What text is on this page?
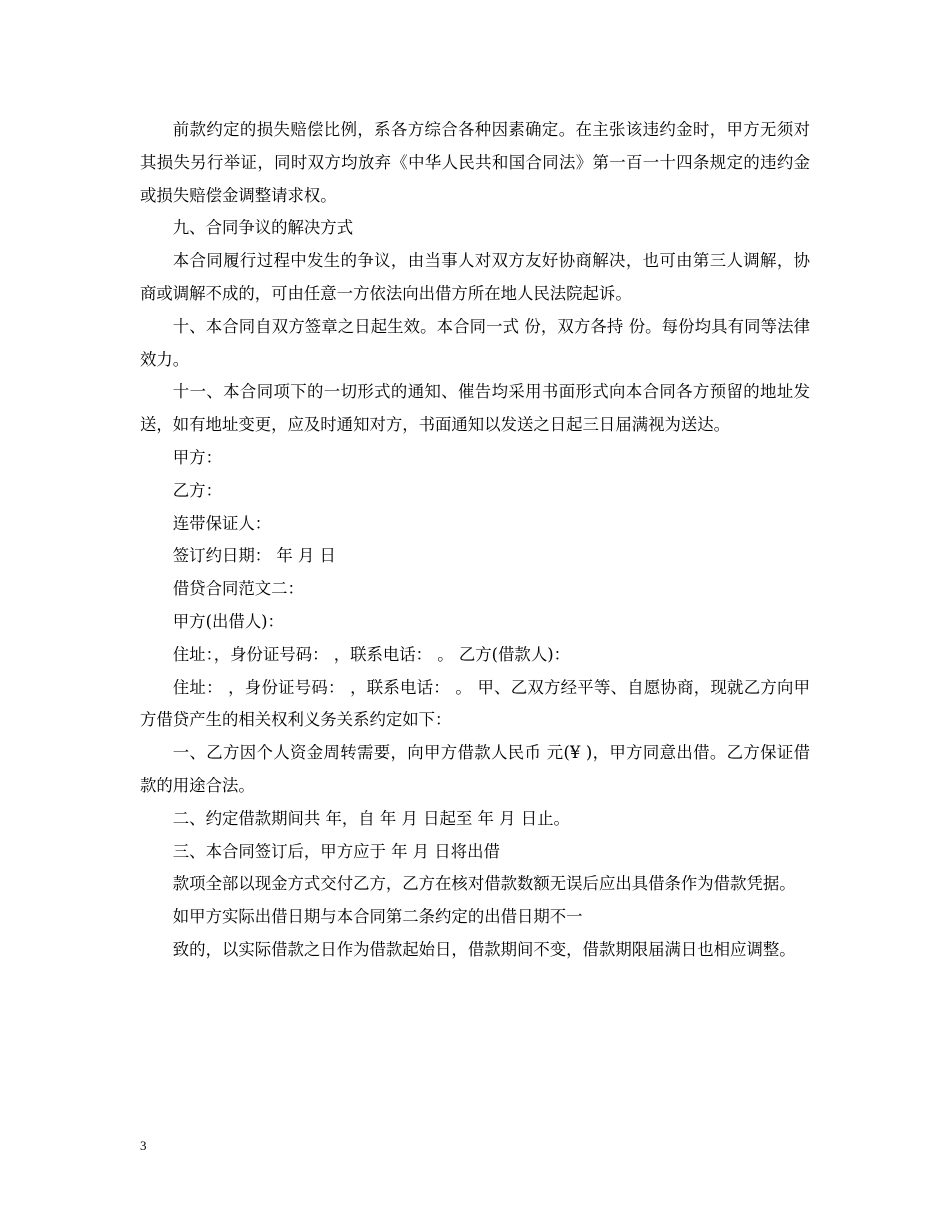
前款约定的损失赔偿比例，系各方综合各种因素确定。在主张该违约金时，甲方无须对其损失另行举证，同时双方均放弃《中华人民共和国合同法》第一百一十四条规定的违约金或损失赔偿金调整请求权。

九、合同争议的解决方式

本合同履行过程中发生的争议，由当事人对双方友好协商解决，也可由第三人调解，协商或调解不成的，可由任意一方依法向出借方所在地人民法院起诉。

十、本合同自双方签章之日起生效。本合同一式 份，双方各持 份。每份均具有同等法律效力。

十一、本合同项下的一切形式的通知、催告均采用书面形式向本合同各方预留的地址发送，如有地址变更，应及时通知对方，书面通知以发送之日起三日届满视为送达。

甲方：

乙方：

连带保证人：

签订约日期： 年 月 日

借贷合同范文二：

甲方(出借人)：

住址：，身份证号码： ，联系电话： 。 乙方(借款人)：

住址： ，身份证号码： ，联系电话： 。 甲、乙双方经平等、自愿协商，现就乙方向甲方借贷产生的相关权利义务关系约定如下：

一、乙方因个人资金周转需要，向甲方借款人民币 元(¥ )，甲方同意出借。乙方保证借款的用途合法。

二、约定借款期间共 年，自 年 月 日起至 年 月 日止。

三、本合同签订后，甲方应于 年 月 日将出借

款项全部以现金方式交付乙方，乙方在核对借款数额无误后应出具借条作为借款凭据。

如甲方实际出借日期与本合同第二条约定的出借日期不一

致的，以实际借款之日作为借款起始日，借款期间不变，借款期限届满日也相应调整。

3
